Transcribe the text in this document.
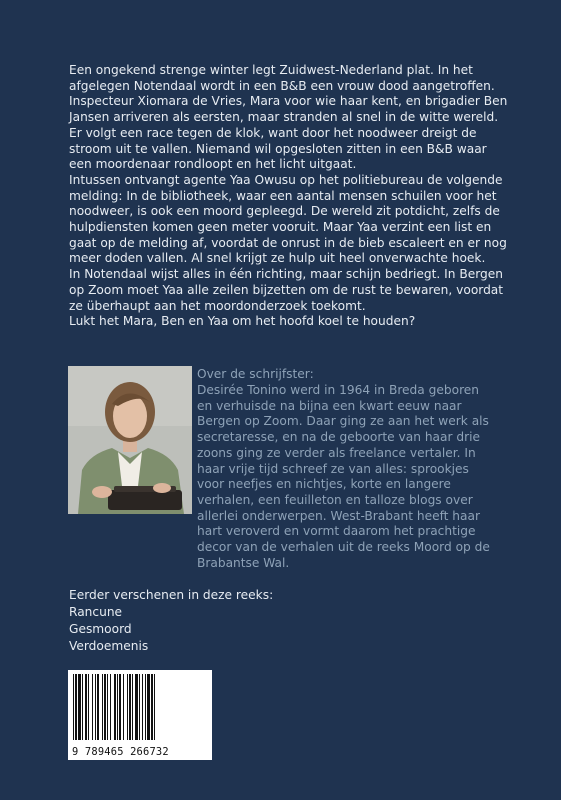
Een ongekend strenge winter legt Zuidwest-Nederland plat. In het afgelegen Notendaal wordt in een B&B een vrouw dood aangetroffen. Inspecteur Xiomara de Vries, Mara voor wie haar kent, en brigadier Ben Jansen arriveren als eersten, maar stranden al snel in de witte wereld. Er volgt een race tegen de klok, want door het noodweer dreigt de stroom uit te vallen. Niemand wil opgesloten zitten in een B&B waar een moordenaar rondloopt en het licht uitgaat.

Intussen ontvangt agente Yaa Owusu op het politiebureau de volgende melding: In de bibliotheek, waar een aantal mensen schuilen voor het noodweer, is ook een moord gepleegd. De wereld zit potdicht, zelfs de hulpdiensten komen geen meter vooruit. Maar Yaa verzint een list en gaat op de melding af, voordat de onrust in de bieb escaleert en er nog meer doden vallen. Al snel krijgt ze hulp uit heel onverwachte hoek.

In Notendaal wijst alles in één richting, maar schijn bedriegt. In Bergen op Zoom moet Yaa alle zeilen bijzetten om de rust te bewaren, voordat ze überhaupt aan het moordonderzoek toekomt.

Lukt het Mara, Ben en Yaa om het hoofd koel te houden?

Over de schrijfster:

Desirée Tonino werd in 1964 in Breda geboren en verhuisde na bijna een kwart eeuw naar Bergen op Zoom. Daar ging ze aan het werk als secretaresse, en na de geboorte van haar drie zoons ging ze verder als freelance vertaler. In haar vrije tijd schreef ze van alles: sprookjes voor neefjes en nichtjes, korte en langere verhalen, een feuilleton en talloze blogs over allerlei onderwerpen. West-Brabant heeft haar hart veroverd en vormt daarom het prachtige decor van de verhalen uit de reeks Moord op de Brabantse Wal.

Eerder verschenen in deze reeks:
Rancune
Gesmoord
Verdoemenis
9 789465 266732
